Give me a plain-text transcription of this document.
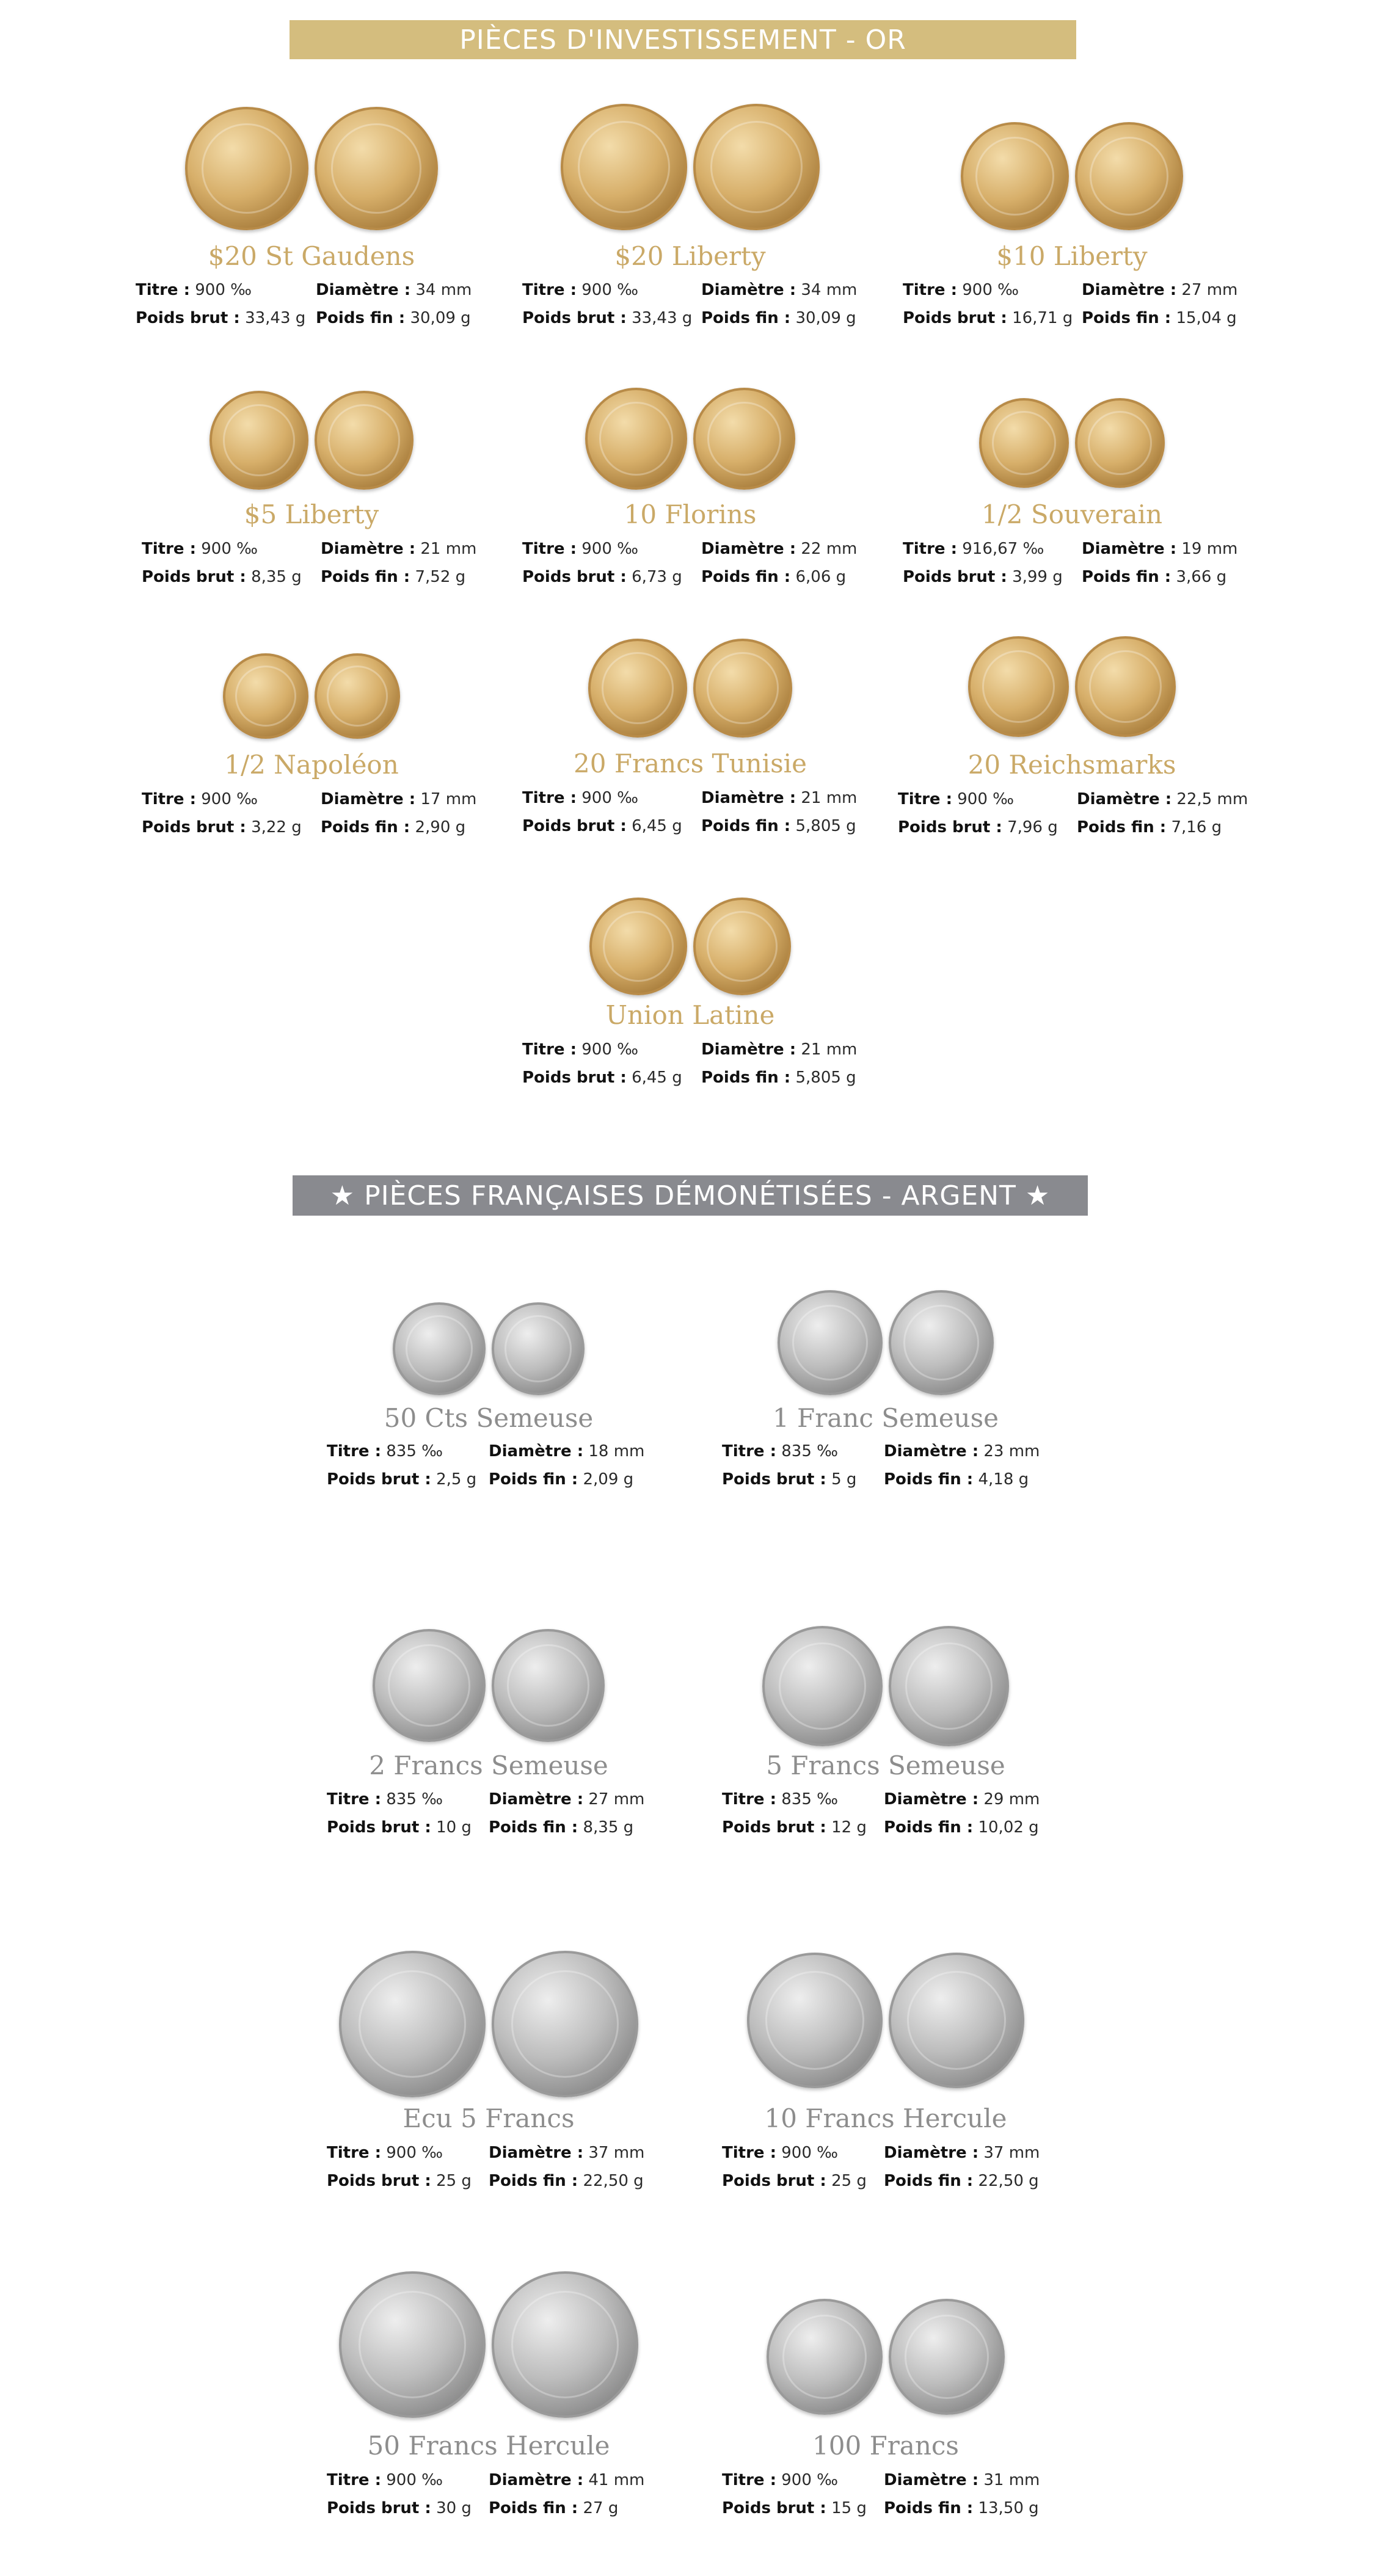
PIÈCES D'INVESTISSEMENT - OR
★ PIÈCES FRANÇAISES DÉMONÉTISÉES - ARGENT ★
$20 St Gaudens
Titre : 900 ‰	Diamètre : 34 mm
Poids brut : 33,43 g Poids fin : 30,09 g
$20 Liberty
Titre : 900 ‰	Diamètre : 34 mm
Poids brut : 33,43 g Poids fin : 30,09 g
$10 Liberty
Titre : 900 ‰	Diamètre : 27 mm
Poids brut : 16,71 g Poids fin : 15,04 g
$5 Liberty
Titre : 900 ‰	Diamètre : 21 mm
Poids brut : 8,35 g Poids fin : 7,52 g
10 Florins
Titre : 900 ‰	Diamètre : 22 mm
Poids brut : 6,73 g Poids fin : 6,06 g
1/2 Souverain
Titre : 916,67 ‰ Diamètre : 19 mm
Poids brut : 3,99 g Poids fin : 3,66 g
1/2 Napoléon
Titre : 900 ‰	Diamètre : 17 mm
Poids brut : 3,22 g Poids fin : 2,90 g
20 Francs Tunisie
Titre : 900 ‰	Diamètre : 21 mm
Poids brut : 6,45 g Poids fin : 5,805 g
20 Reichsmarks
Titre : 900 ‰	Diamètre : 22,5 mm
Poids brut : 7,96 g Poids fin : 7,16 g
Union Latine
Titre : 900 ‰	Diamètre : 21 mm
Poids brut : 6,45 g Poids fin : 5,805 g
50 Cts Semeuse
Titre : 835 ‰	Diamètre : 18 mm
Poids brut : 2,5 g Poids fin : 2,09 g
1 Franc Semeuse
Titre : 835 ‰	Diamètre : 23 mm
Poids brut : 5 g Poids fin : 4,18 g
2 Francs Semeuse
Titre : 835 ‰	Diamètre : 27 mm
Poids brut : 10 g Poids fin : 8,35 g
5 Francs Semeuse
Titre : 835 ‰	Diamètre : 29 mm
Poids brut : 12 g Poids fin : 10,02 g
Ecu 5 Francs
Titre : 900 ‰	Diamètre : 37 mm
Poids brut : 25 g Poids fin : 22,50 g
10 Francs Hercule
Titre : 900 ‰	Diamètre : 37 mm
Poids brut : 25 g Poids fin : 22,50 g
50 Francs Hercule
Titre : 900 ‰	Diamètre : 41 mm
Poids brut : 30 g Poids fin : 27 g
100 Francs
Titre : 900 ‰	Diamètre : 31 mm
Poids brut : 15 g Poids fin : 13,50 g
